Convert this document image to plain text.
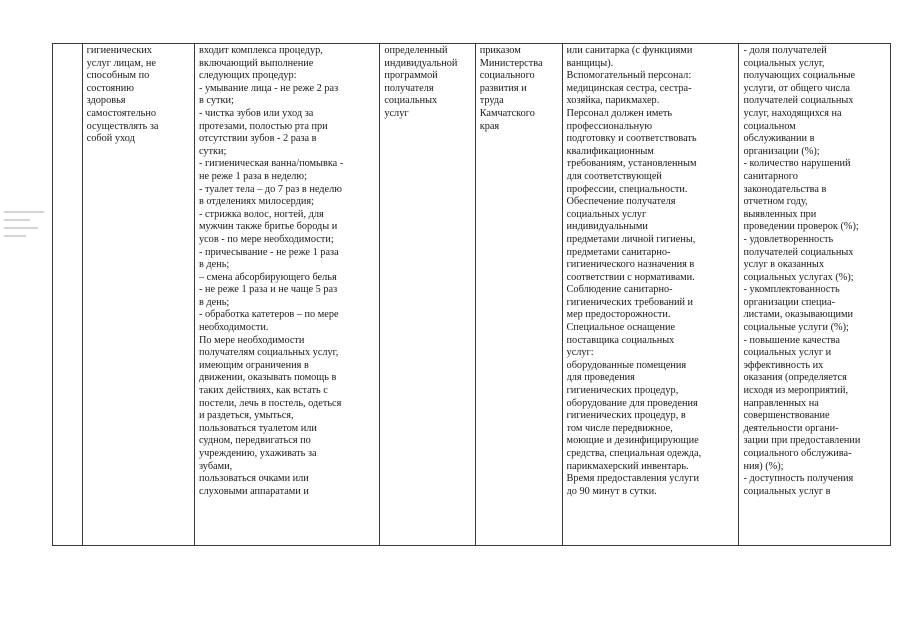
гигиенических
услуг лицам, не
способным по
состоянию
здоровья
самостоятельно
осуществлять за
собой уход

входит комплекса процедур,
включающий выполнение
следующих процедур:
- умывание лица - не реже 2 раз
в сутки;
- чистка зубов или уход за
протезами, полостью рта при
отсутствии зубов - 2 раза в
сутки;
- гигиеническая ванна/помывка -
не реже 1 раза в неделю;
- туалет тела – до 7 раз в неделю
в отделениях милосердия;
- стрижка волос, ногтей, для
мужчин также бритье бороды и
усов - по мере необходимости;
- причесывание - не реже 1 раза
в день;
– смена абсорбирующего белья
- не реже 1 раза и не чаще 5 раз
в день;
- обработка катетеров – по мере
необходимости.
По мере необходимости
получателям социальных услуг,
имеющим ограничения в
движении, оказывать помощь в
таких действиях, как встать с
постели, лечь в постель, одеться
и раздеться, умыться,
пользоваться туалетом или
судном, передвигаться по
учреждению, ухаживать за
зубами,
пользоваться очками или
слуховыми аппаратами и

определенный
индивидуальной
программой
получателя
социальных
услуг

приказом
Министерства
социального
развития и
труда
Камчатского
края

или санитарка (с функциями
ванщицы).
Вспомогательный персонал:
медицинская сестра, сестра-
хозяйка, парикмахер.
Персонал должен иметь
профессиональную
подготовку и соответствовать
квалификационным
требованиям, установленным
для соответствующей
профессии, специальности.
Обеспечение получателя
социальных услуг
индивидуальными
предметами личной гигиены,
предметами санитарно-
гигиенического назначения в
соответствии с нормативами.
Соблюдение санитарно-
гигиенических требований и
мер предосторожности.
Специальное оснащение
поставщика социальных
услуг:
оборудованные помещения
для проведения
гигиенических процедур,
оборудование для проведения
гигиенических процедур, в
том числе передвижное,
моющие и дезинфицирующие
средства, специальная одежда,
парикмахерский инвентарь.
Время предоставления услуги
до 90 минут в сутки.

- доля получателей
социальных услуг,
получающих социальные
услуги, от общего числа
получателей социальных
услуг, находящихся на
социальном
обслуживании в
организации (%);
- количество нарушений
санитарного
законодательства в
отчетном году,
выявленных при
проведении проверок (%);
- удовлетворенность
получателей социальных
услуг в оказанных
социальных услугах (%);
- укомплектованность
организации специа-
листами, оказывающими
социальные услуги (%);
- повышение качества
социальных услуг и
эффективность их
оказания (определяется
исходя из мероприятий,
направленных на
совершенствование
деятельности органи-
зации при предоставлении
социального обслужива-
ния) (%);
- доступность получения
социальных услуг в
